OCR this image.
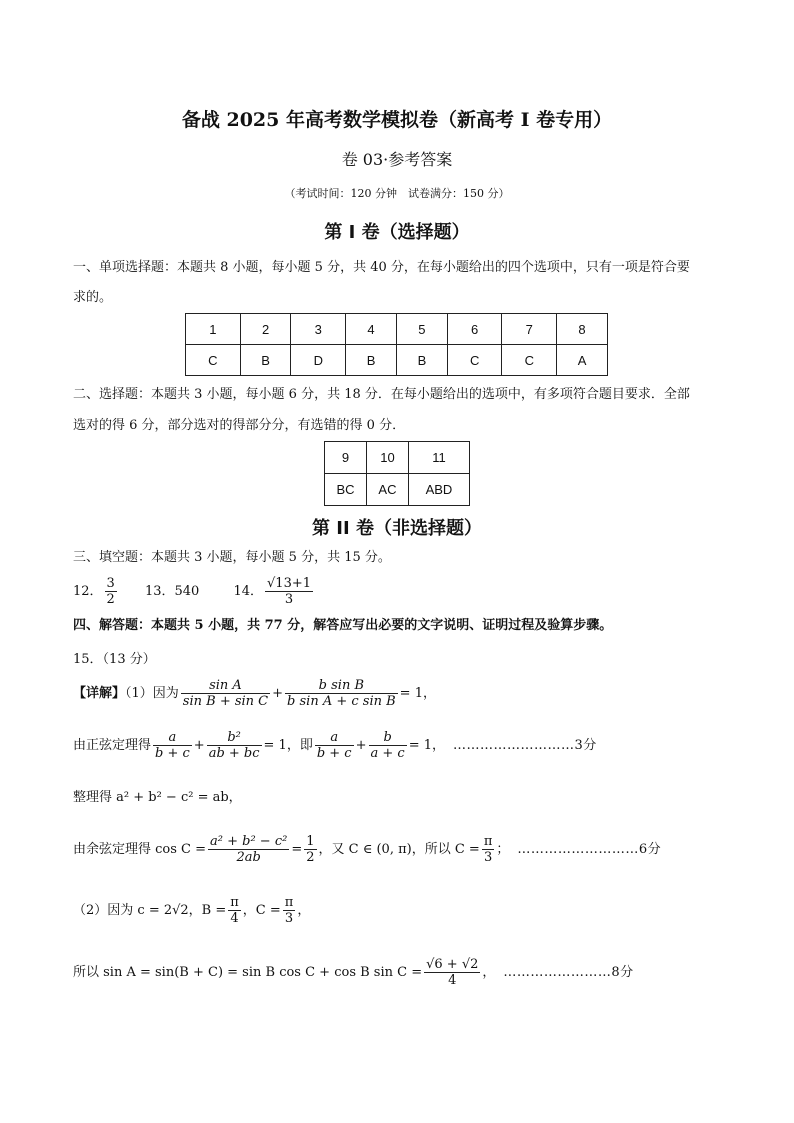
备战 2025 年高考数学模拟卷（新高考 I 卷专用）
卷 03·参考答案
（考试时间：120 分钟　试卷满分：150 分）
第 I 卷（选择题）
一、单项选择题：本题共 8 小题，每小题 5 分，共 40 分，在每小题给出的四个选项中，只有一项是符合要
求的。
1	2	3	4	5	6	7	8
C	B	D	B	B	C	C	A
二、选择题：本题共 3 小题，每小题 6 分，共 18 分．在每小题给出的选项中，有多项符合题目要求．全部
选对的得 6 分，部分选对的得部分分，有选错的得 0 分．
9	10	11
BC	AC	ABD
第 II 卷（非选择题）
三、填空题：本题共 3 小题，每小题 5 分，共 15 分。
12． $\frac{3}{2} 13$．540	14． $\frac{√13+1}{3}$
四、解答题：本题共 5 小题，共 77 分，解答应写出必要的文字说明、证明过程及验算步骤。
15．（13 分）
【详解】（1）因为 $\frac{\text{sin A}}{\text{sin B + sin C}} + \frac{\text{b sin B}}{\text{b sin A + c sin B}} = 1$，
由正弦定理得 $\frac{a}{b + c} + \frac{\text{b²}}{ab + bc} = 1$，即 $\frac{a}{b + c} + \frac{b}{a + c} = 1$， ………………………3分
整理得 a² + b² − c² = ab，
由余弦定理得 $\cos C = \frac{\text{a² + b² − c²}}{2ab} = \frac{1}{2}$ ，又 C ∈ (0, π)，所以 $C = \frac{\pi}{3}$ ； ………………………6分
（2）因为 c = 2√2，$B = \frac{\pi}{4}$ ，$C = \frac{\pi}{3}$ ，
所以 sin A = sin(B + C) = sin B cos C + cos B $\sin C = \frac{√6 + √2}{4}$ ， ……………………8分
